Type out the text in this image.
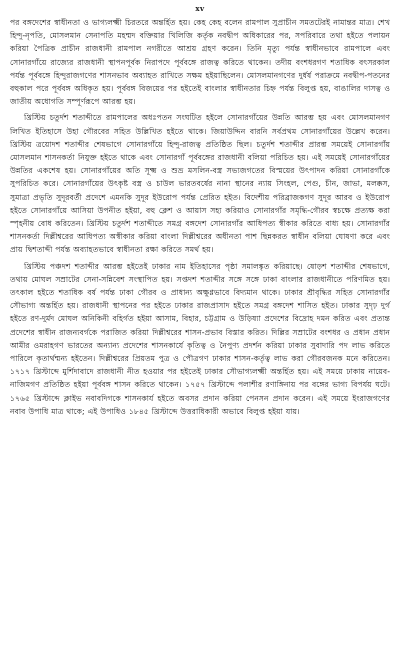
xv

পর বঙ্গদেশের স্বাধীনতা ও ভাগ্যলক্ষ্মী চিরতরে অন্তর্হিত হয়। কেহ কেহ বলেন রামপাল সুপ্রাচীন সমতটেরই নামান্তর মাত্র। শেখ হিন্দু-নৃপতি, মোসলমান সেনাপতি মহম্মদ বক্তিয়ার খিলিজি কর্তৃক নবদ্বীপ অধিকারের পর, সপরিবারে তথা হইতে পলায়ন করিয়া পৈত্রিক প্রাচীন রাজধানী রামপাল নগরীতে আশ্রয় গ্রহণ করেন। তিনি মৃত্যু পর্যন্ত স্বাধীনভাবে রামপালে এবং সোনারগাঁয়ে রাজ্যের রাজধানী স্থাপনপূর্বক নিরাপদে পূর্ববঙ্গে রাজত্ব করিতে থাকেন। তদীয় বংশধরগণ শতাধিক বৎসরকাল পর্যন্ত পূর্ববঙ্গে হিন্দুরাজগণের শাসনভাব অব্যাহত রাখিতে সক্ষম হইয়াছিলেন। মোসলমানগণের দুর্ধর্ষ পরাক্রমে নবদ্বীপ-পতনের বহুকাল পরে পূর্ববঙ্গ অধিকৃত হয়। পূর্ববঙ্গ বিজয়ের পর হইতেই বাংলার স্বাধীনতার চিহ্ন পর্যন্ত বিলুপ্ত হয়, বাঙালির দাসত্ব ও জাতীয় অধোগতি সম্পূর্ণরূপে আরম্ভ হয়।

খ্রিস্টিয় চতুর্দশ শতাব্দীতে রামপালের অধঃপতন সংঘটিত হইলে সোনারগাঁয়ের উন্নতি আরম্ভ হয় এবং মোসলমানগণ লিখিত ইতিহাসে উহা গৌরবের সহিত উল্লিখিত হইতে থাকে। জিয়াউদ্দিন বারনি সর্বপ্রথম সোনারগাঁয়ের উল্লেখ করেন। খ্রিস্টিয় ত্রয়োদশ শতাব্দীর শেষভাগে সোনারগাঁয়ে হিন্দু-রাজত্ব প্রতিষ্ঠিত ছিল। চতুর্দশ শতাব্দীর প্রারম্ভ সময়েই সোনারগাঁয় মোসলমান শাসনকর্তা নিযুক্ত হইতে থাকে এবং সোনারগাঁ পূর্ববঙ্গের রাজধানী বলিয়া পরিচিত হয়। এই সময়েই সোনারগাঁয়ের উন্নতির একশেষ হয়। সোনারগাঁয়ের অতি সূক্ষ্ম ও শুভ্র মসলিন-বস্ত্র সভ্যজগতের বিস্ময়ের উৎপাদন করিয়া সোনারগাঁকে সুপরিচিত করে। সোনারগাঁয়ের উৎকৃষ্ট বস্ত্র ও চাউল ভারতবর্ষের নানা স্থানের ন্যায় সিংহল, পেগু, চীন, জাভা, মলক্কস, সুমাত্রা প্রভৃতি সুদূরবর্তী প্রদেশে এমনকি সুদূর ইউরোপ পর্যন্ত প্রেরিত হইত। বিদেশীয় পরিব্রাজকগণ সুদূর আরব ও ইউরোপ হইতে সোনারগাঁয়ে আসিয়া উপনীত হইয়া, বহু ক্লেশ ও আয়াস সহ্য করিয়াও সোনারগাঁর সমৃদ্ধি-গৌরব স্বচক্ষে প্রত্যক্ষ করা স্পৃহনীয় বোধ করিতেন। খ্রিস্টিয় চতুর্দশ শতাব্দীতে সমগ্র বঙ্গদেশ সোনারগাঁর আধিপত্য স্বীকার করিতে বাধ্য হয়। সোনারগাঁর শাসনকর্তা দিল্লীশ্বরের আধিপত্য অস্বীকার করিয়া বাংলা দিল্লীশ্বরের অধীনতা পাশ ছিন্নকরত স্বাধীন বলিয়া ঘোষণা করে এবং প্রায় দ্বিশতাব্দী পর্যন্ত অব্যাহতভাবে স্বাধীনতা রক্ষা করিতে সমর্থ হয়।

খ্রিস্টিয় পঞ্চদশ শতাব্দীর আরম্ভ হইতেই ঢাকার নাম ইতিহাসের পৃষ্ঠা সমালঙ্কৃত করিয়াছে। ষোড়শ শতাব্দীর শেষভাগে, তথায় মোঘল সম্রাটের সেনা-সন্নিবেশ সংস্থাপিত হয়। সপ্তদশ শতাব্দীর সঙ্গে সঙ্গে ঢাকা বাংলার রাজধানীতে পরিণমিত হয়। তৎকাল হইতে শতাধিক বর্ষ পর্যন্ত ঢাকা গৌরব ও প্রাধান্য অক্ষুণ্ণভাবে বিদ্যমান থাকে। ঢাকার শ্রীবৃদ্ধির সহিত সোনারগাঁর সৌভাগ্য অন্তর্হিত হয়। রাজধানী স্থাপনের পর হইতে ঢাকার রাজপ্রাসাদ হইতে সমগ্র বঙ্গদেশ শাসিত হইত। ঢাকার সুদৃঢ় দুর্গ হইতে রণ-দুর্মদ মোঘল অনিকিনী বহির্গত হইয়া আসাম, বিহার, চট্টগ্রাম ও উড়িষ্যা প্রদেশের বিদ্রোহ দমন করিত এবং প্রত্যন্ত প্রদেশের স্বাধীন রাজন্যবর্গকে পরাজিত করিয়া দিল্লীশ্বরের শাসন-প্রভাব বিস্তার করিত। দিল্লির সম্রাটের বংশধর ও প্রধান প্রধান আমীর ওমরাহগণ ভারতের অন্যান্য প্রদেশের শাসনকার্যে কৃতিত্ব ও নৈপুণ্য প্রদর্শন করিয়া ঢাকার সুবাদারি পদ লাভ করিতে পারিলে কৃতার্থম্মন্য হইতেন। দিল্লীশ্বরের প্রিয়তম পুত্র ও পৌত্রগণ ঢাকার শাসন-কর্তৃত্ব লাভ করা গৌরবজনক মনে করিতেন। ১৭১৭ খ্রিস্টাব্দে মুর্শিদাবাদে রাজধানী নীত হওয়ার পর হইতেই ঢাকার সৌভাগ্যলক্ষ্মী অন্তর্হিত হয়। এই সময়ে ঢাকায় নায়েব-নাজিমগণ প্রতিষ্ঠিত হইয়া পূর্ববঙ্গ শাসন করিতে থাকেন। ১৭৫৭ খ্রিস্টাব্দে পলাশীর রণাঙ্গিনায় পর বঙ্গের ভাগ্য বিপর্যয় ঘটে। ১৭৬৫ খ্রিস্টাব্দে ক্লাইভ নবাবদিগকে শাসনকার্য হইতে অবসর প্রদান করিয়া পেনসন প্রদান করেন। এই সময়ে ইংরাজগণের নবাব উপাধি মাত্র থাকে; এই উপাধিও ১৮৪৫ খ্রিস্টাব্দে উত্তরাধিকারী অভাবে বিলুপ্ত হইয়া যায়।
